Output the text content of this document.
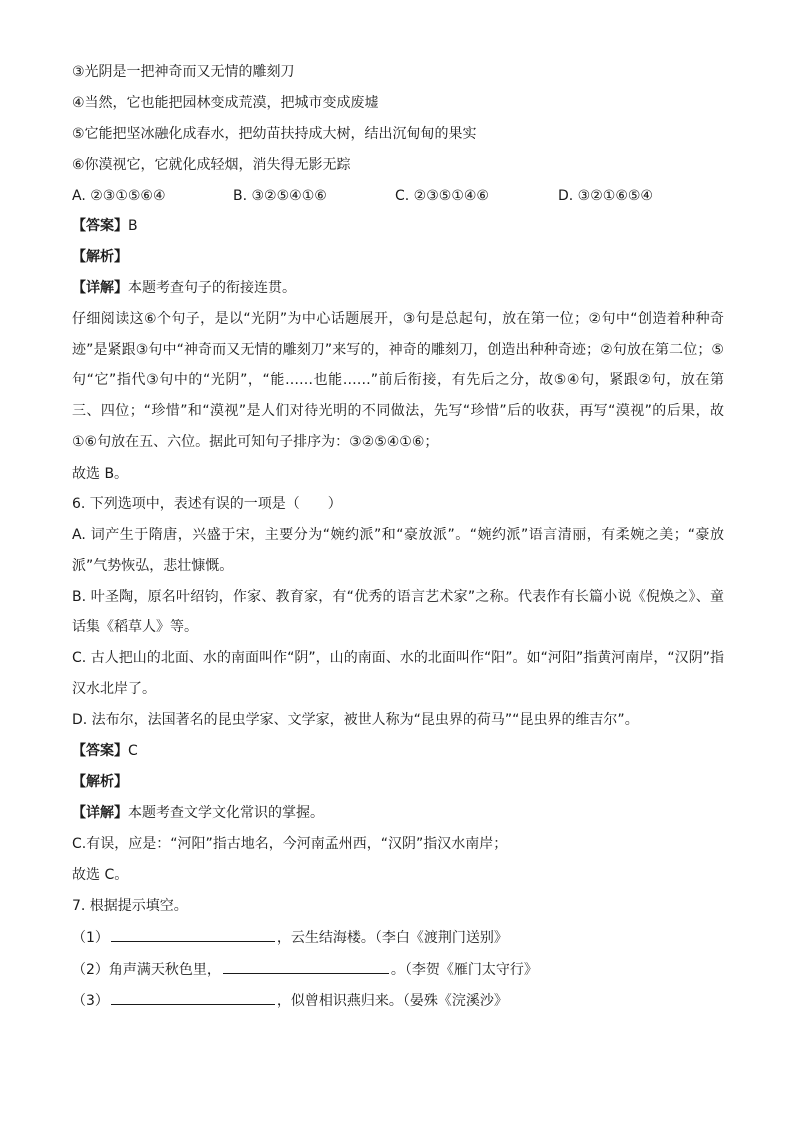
③光阴是一把神奇而又无情的雕刻刀
④当然，它也能把园林变成荒漠，把城市变成废墟
⑤它能把坚冰融化成春水，把幼苗扶持成大树，结出沉甸甸的果实
⑥你漠视它，它就化成轻烟，消失得无影无踪
A. ②③①⑤⑥④	B. ③②⑤④①⑥	C. ②③⑤①④⑥	D. ③②①⑥⑤④
【答案】B
【解析】
【详解】本题考查句子的衔接连贯。
仔细阅读这⑥个句子，是以“光阴”为中心话题展开，③句是总起句，放在第一位；②句中“创造着种种奇迹”是紧跟③句中“神奇而又无情的雕刻刀”来写的，神奇的雕刻刀，创造出种种奇迹；②句放在第二位；⑤句“它”指代③句中的“光阴”，“能……也能……”前后衔接，有先后之分，故⑤④句，紧跟②句，放在第三、四位；“珍惜”和“漠视”是人们对待光明的不同做法，先写“珍惜”后的收获，再写“漠视”的后果，故①⑥句放在五、六位。据此可知句子排序为：③②⑤④①⑥；
故选 B。
6. 下列选项中，表述有误的一项是（　　）
A. 词产生于隋唐，兴盛于宋，主要分为“婉约派”和“豪放派”。“婉约派”语言清丽，有柔婉之美；“豪放派”气势恢弘，悲壮慷慨。
B. 叶圣陶，原名叶绍钧，作家、教育家，有“优秀的语言艺术家”之称。代表作有长篇小说《倪焕之》、童话集《稻草人》等。
C. 古人把山的北面、水的南面叫作“阴”，山的南面、水的北面叫作“阳”。如“河阳”指黄河南岸，“汉阴”指汉水北岸了。
D. 法布尔，法国著名的昆虫学家、文学家，被世人称为“昆虫界的荷马”“昆虫界的维吉尔”。
【答案】C
【解析】
【详解】本题考查文学文化常识的掌握。
C.有误，应是：“河阳”指古地名，今河南孟州西，“汉阴”指汉水南岸；
故选 C。
7. 根据提示填空。
（1）	，云生结海楼。（李白《渡荆门送别》
（2）角声满天秋色里，	。（李贺《雁门太守行》
（3）	，似曾相识燕归来。（晏殊《浣溪沙》
